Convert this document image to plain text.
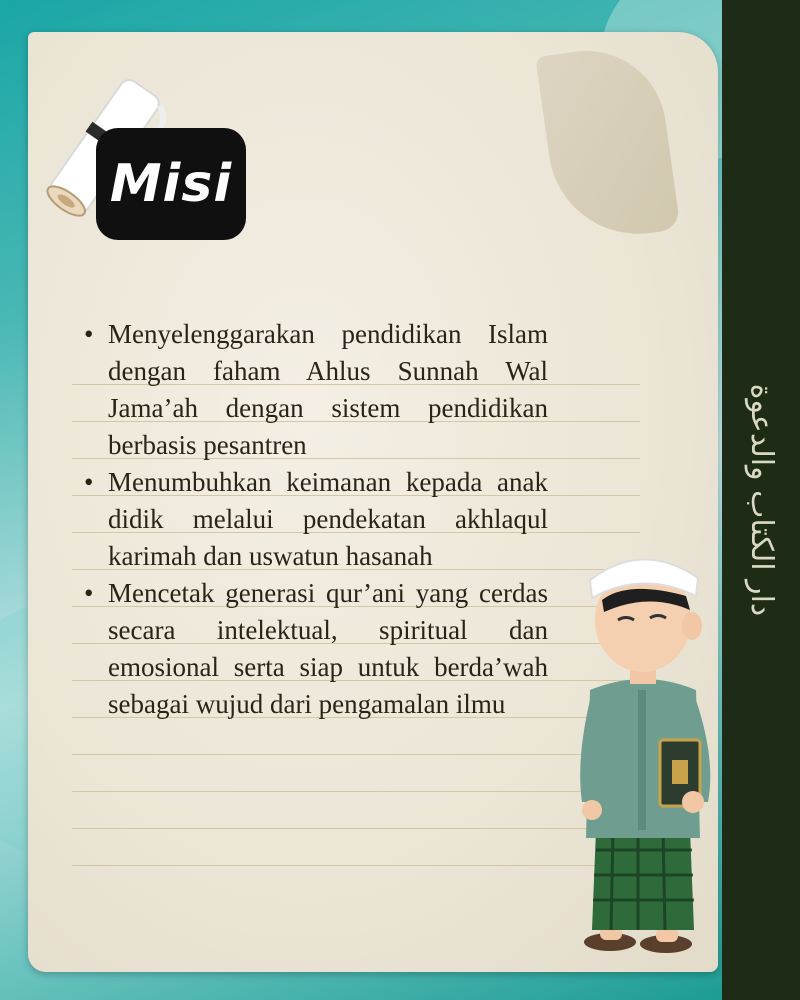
دار الكتاب والدعوة
Misi
• Menyelenggarakan pendidikan Islam dengan faham Ahlus Sunnah Wal Jama’ah dengan sistem pendidikan berbasis pesantren
• Menumbuhkan keimanan kepada anak didik melalui pendekatan akhlaqul karimah dan uswatun hasanah
• Mencetak generasi qur’ani yang cerdas secara intelektual, spiritual dan emosional serta siap untuk berda’wah sebagai wujud dari pengamalan ilmu
